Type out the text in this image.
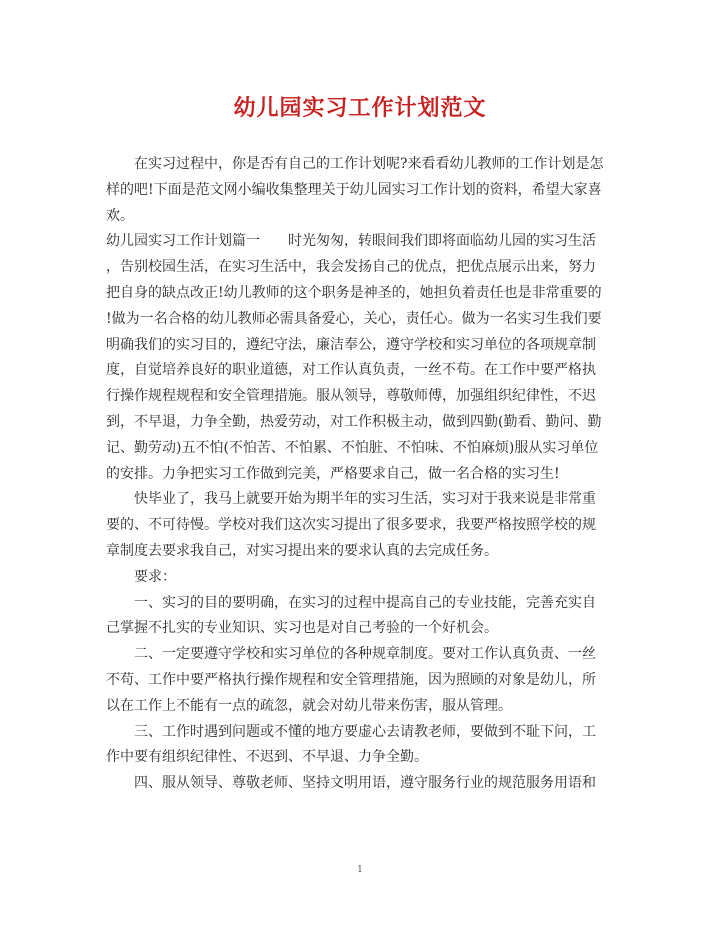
幼儿园实习工作计划范文
　　在实习过程中，你是否有自己的工作计划呢?来看看幼儿教师的工作计划是怎
样的吧!下面是范文网小编收集整理关于幼儿园实习工作计划的资料，希望大家喜
欢。
幼儿园实习工作计划篇一　　时光匆匆，转眼间我们即将面临幼儿园的实习生活
，告别校园生活，在实习生活中，我会发扬自己的优点，把优点展示出来，努力
把自身的缺点改正!幼儿教师的这个职务是神圣的，她担负着责任也是非常重要的
!做为一名合格的幼儿教师必需具备爱心，关心，责任心。做为一名实习生我们要
明确我们的实习目的，遵纪守法，廉洁奉公，遵守学校和实习单位的各项规章制
度，自觉培养良好的职业道德，对工作认真负责，一丝不苟。在工作中要严格执
行操作规程规程和安全管理措施。服从领导，尊敬师傅，加强组织纪律性，不迟
到，不早退，力争全勤，热爱劳动，对工作积极主动，做到四勤(勤看、勤问、勤
记、勤劳动)五不怕(不怕苦、不怕累、不怕脏、不怕味、不怕麻烦)服从实习单位
的安排。力争把实习工作做到完美，严格要求自己，做一名合格的实习生!
　　快毕业了，我马上就要开始为期半年的实习生活，实习对于我来说是非常重
要的、不可待慢。学校对我们这次实习提出了很多要求，我要严格按照学校的规
章制度去要求我自己，对实习提出来的要求认真的去完成任务。
　　要求：
　　一、实习的目的要明确，在实习的过程中提高自己的专业技能，完善充实自
己掌握不扎实的专业知识、实习也是对自己考验的一个好机会。
　　二、一定要遵守学校和实习单位的各种规章制度。要对工作认真负责、一丝
不苟、工作中要严格执行操作规程和安全管理措施，因为照顾的对象是幼儿，所
以在工作上不能有一点的疏忽，就会对幼儿带来伤害，服从管理。
　　三、工作时遇到问题或不懂的地方要虚心去请教老师，要做到不耻下问，工
作中要有组织纪律性、不迟到、不早退、力争全勤。
　　四、服从领导、尊敬老师、坚持文明用语，遵守服务行业的规范服务用语和
1
